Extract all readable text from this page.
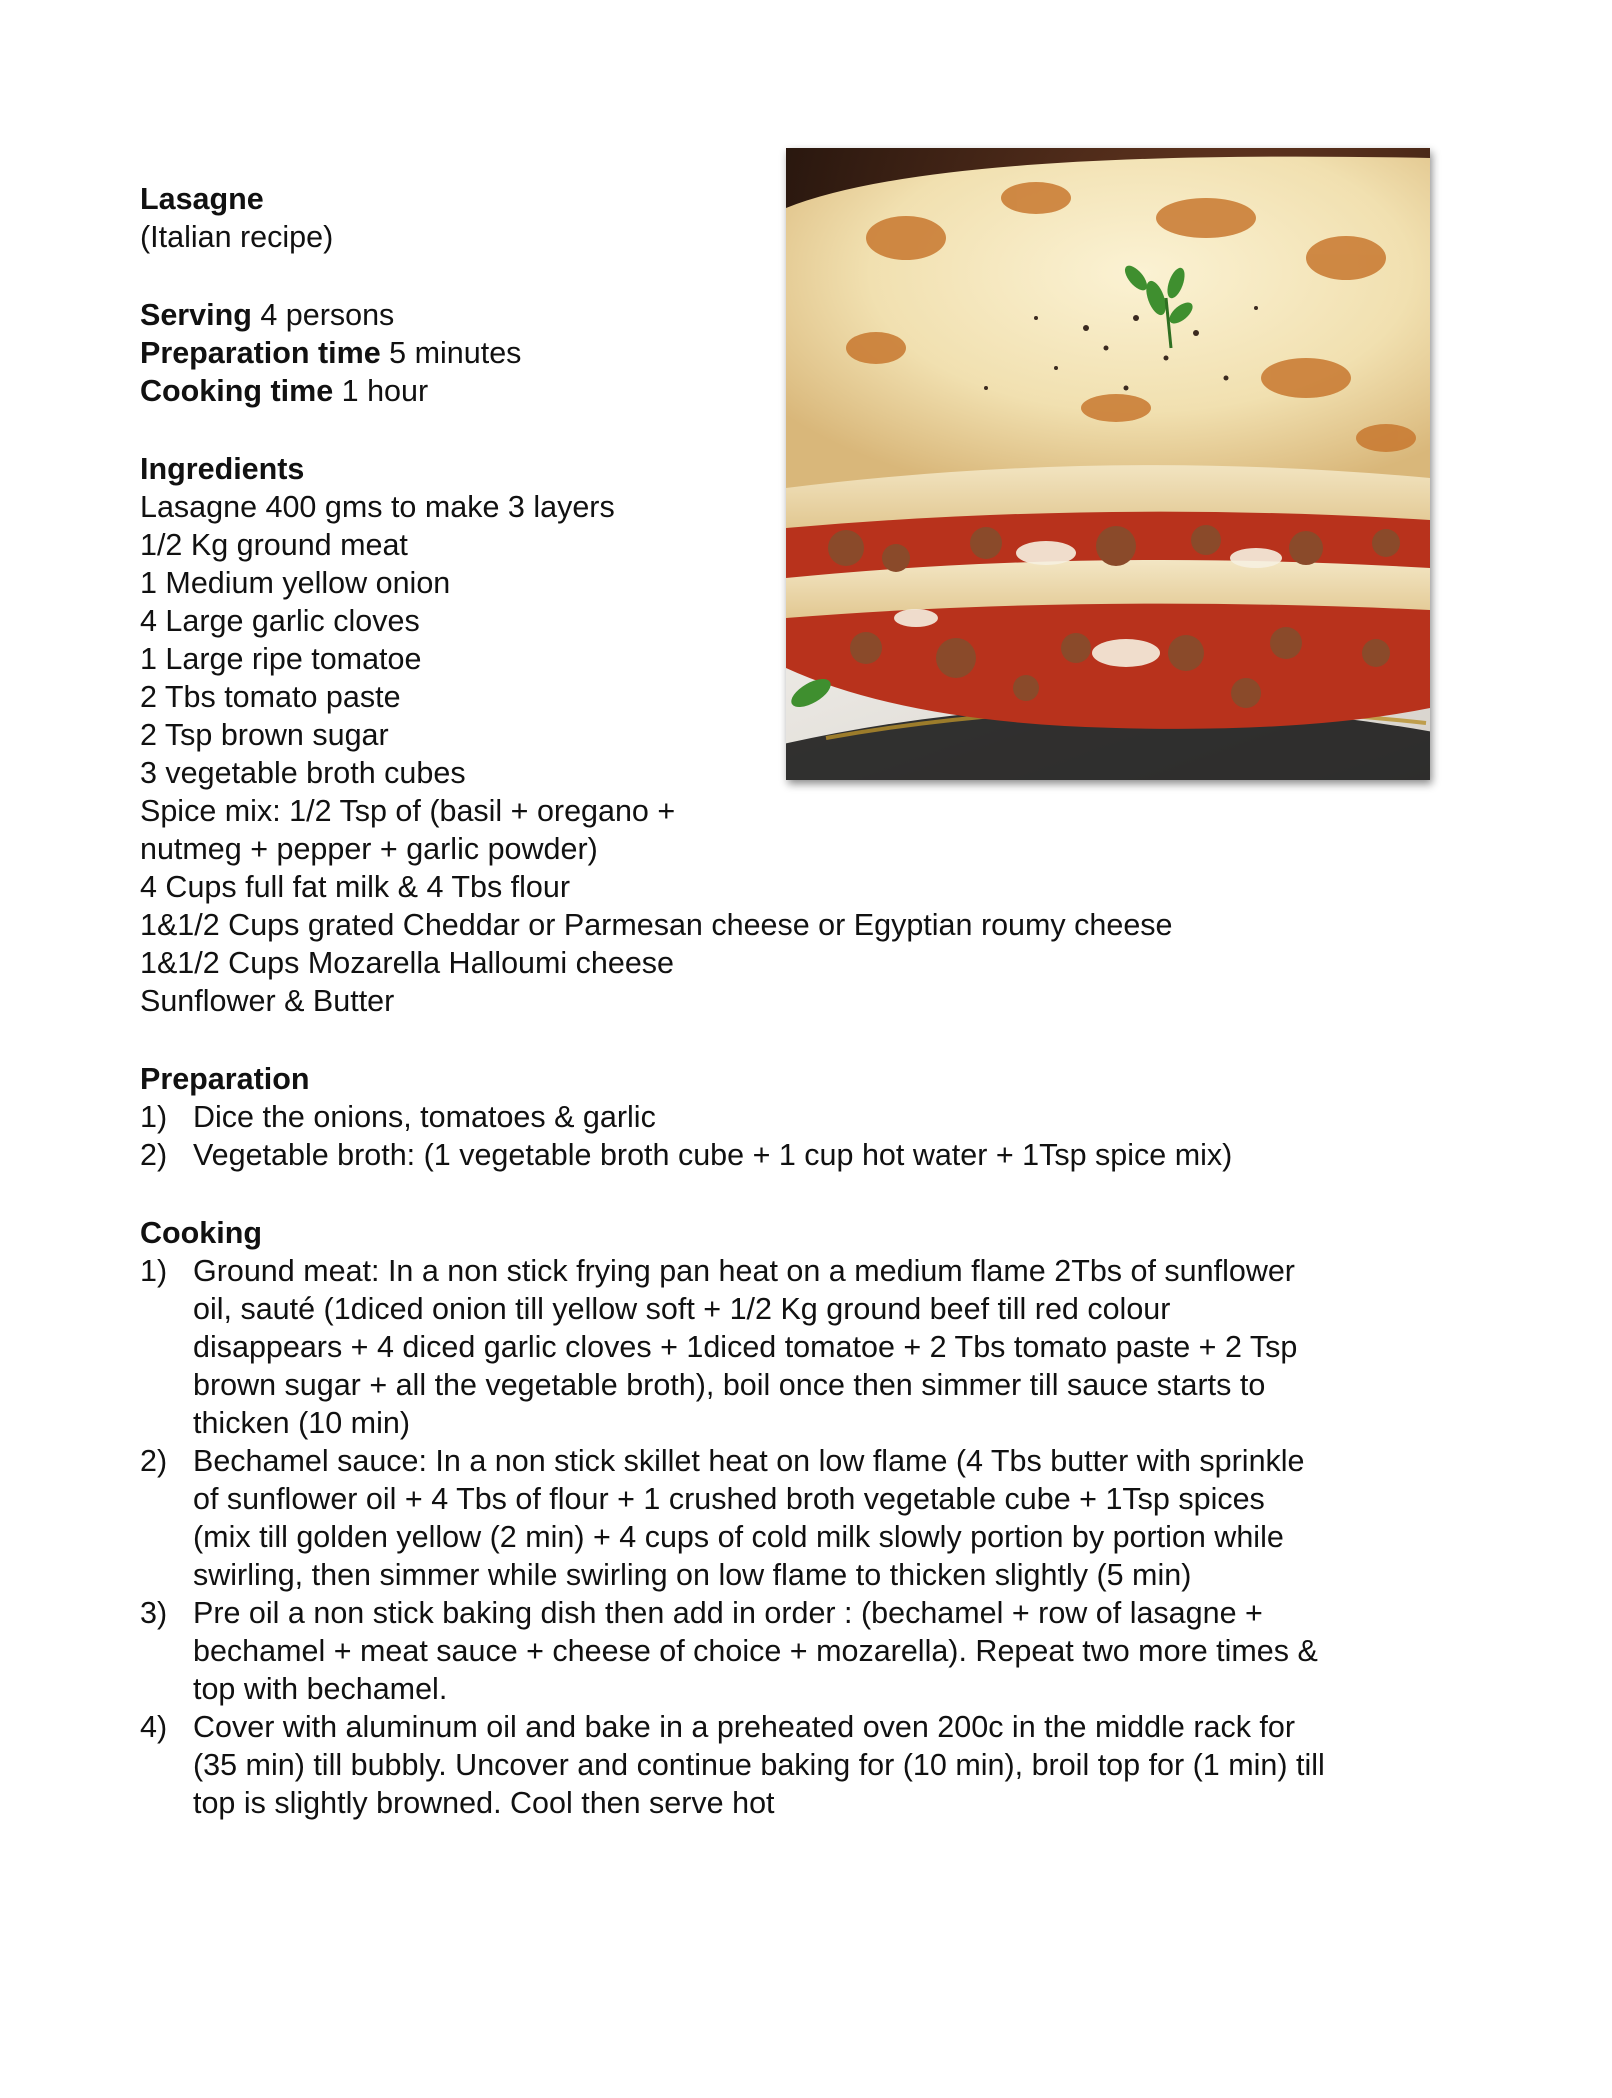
Lasagne
(Italian recipe)
Serving 4 persons
Preparation time 5 minutes
Cooking time 1 hour
Ingredients
Lasagne 400 gms to make 3 layers
1/2 Kg ground meat
1 Medium yellow onion
4 Large garlic cloves
1 Large ripe tomatoe
2 Tbs tomato paste
2 Tsp brown sugar
3 vegetable broth cubes
Spice mix: 1/2 Tsp of (basil + oregano + nutmeg + pepper + garlic powder)
4 Cups full fat milk & 4 Tbs flour
1&1/2 Cups grated Cheddar or Parmesan cheese or Egyptian roumy cheese
1&1/2 Cups Mozarella Halloumi cheese
Sunflower & Butter
Preparation
1) Dice the onions, tomatoes & garlic
2) Vegetable broth: (1 vegetable broth cube + 1 cup hot water + 1Tsp spice mix)
Cooking
1) Ground meat: In a non stick frying pan heat on a medium flame 2Tbs of sunflower
oil, sauté (1diced onion till yellow soft + 1/2 Kg ground beef till red colour
disappears + 4 diced garlic cloves + 1diced tomatoe + 2 Tbs tomato paste + 2 Tsp
brown sugar + all the vegetable broth), boil once then simmer till sauce starts to
thicken (10 min)
2) Bechamel sauce: In a non stick skillet heat on low flame (4 Tbs butter with sprinkle
of sunflower oil + 4 Tbs of flour + 1 crushed broth vegetable cube + 1Tsp spices
(mix till golden yellow (2 min) + 4 cups of cold milk slowly portion by portion while
swirling, then simmer while swirling on low flame to thicken slightly (5 min)
3) Pre oil a non stick baking dish then add in order : (bechamel + row of lasagne +
bechamel + meat sauce + cheese of choice + mozarella). Repeat two more times &
top with bechamel.
4) Cover with aluminum oil and bake in a preheated oven 200c in the middle rack for
(35 min) till bubbly. Uncover and continue baking for (10 min), broil top for (1 min) till
top is slightly browned. Cool then serve hot
